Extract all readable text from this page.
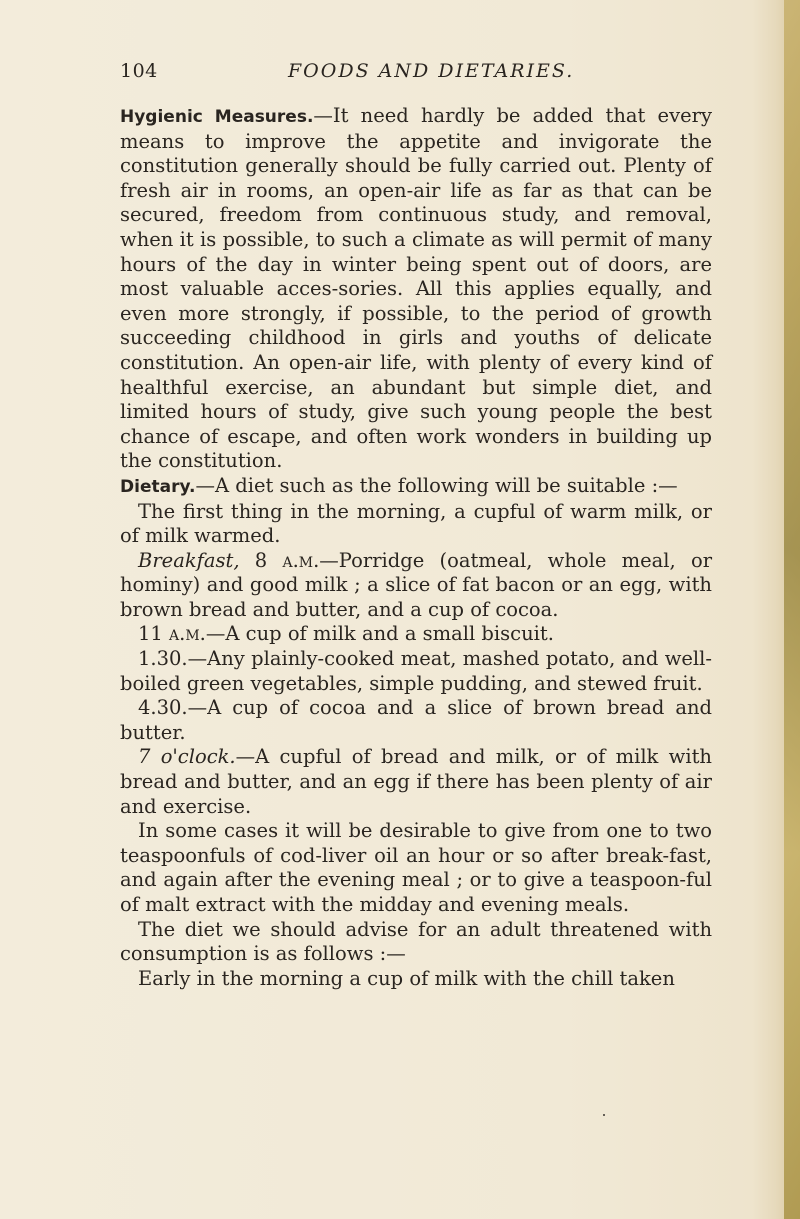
104	FOODS AND DIETARIES.

Hygienic Measures.—It need hardly be added that every means to improve the appetite and invigorate the constitution generally should be fully carried out. Plenty of fresh air in rooms, an open-air life as far as that can be secured, freedom from continuous study, and removal, when it is possible, to such a climate as will permit of many hours of the day in winter being spent out of doors, are most valuable acces-sories. All this applies equally, and even more strongly, if possible, to the period of growth succeeding childhood in girls and youths of delicate constitution. An open-air life, with plenty of every kind of healthful exercise, an abundant but simple diet, and limited hours of study, give such young people the best chance of escape, and often work wonders in building up the constitution.

Dietary.—A diet such as the following will be suitable :—

The first thing in the morning, a cupful of warm milk, or of milk warmed.

Breakfast, 8 a.m.—Porridge (oatmeal, whole meal, or hominy) and good milk ; a slice of fat bacon or an egg, with brown bread and butter, and a cup of cocoa.

11 a.m.—A cup of milk and a small biscuit.

1.30.—Any plainly-cooked meat, mashed potato, and well-boiled green vegetables, simple pudding, and stewed fruit.

4.30.—A cup of cocoa and a slice of brown bread and butter.

7 o'clock.—A cupful of bread and milk, or of milk with bread and butter, and an egg if there has been plenty of air and exercise.

In some cases it will be desirable to give from one to two teaspoonfuls of cod-liver oil an hour or so after break-fast, and again after the evening meal ; or to give a teaspoon-ful of malt extract with the midday and evening meals.

The diet we should advise for an adult threatened with consumption is as follows :—

Early in the morning a cup of milk with the chill taken
